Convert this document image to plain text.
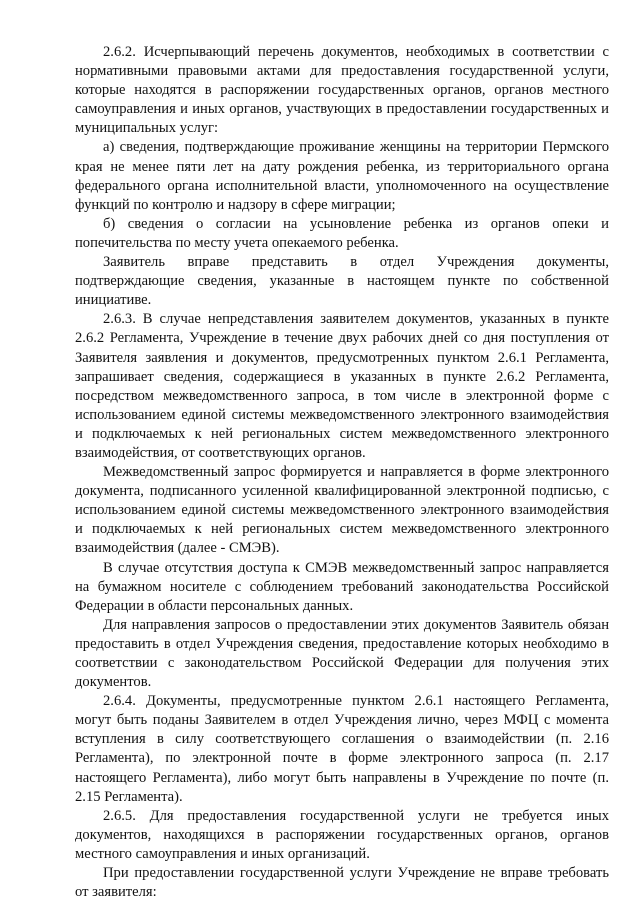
2.6.2. Исчерпывающий перечень документов, необходимых в соответствии с нормативными правовыми актами для предоставления государственной услуги, которые находятся в распоряжении государственных органов, органов местного самоуправления и иных органов, участвующих в предоставлении государственных и муниципальных услуг:

а) сведения, подтверждающие проживание женщины на территории Пермского края не менее пяти лет на дату рождения ребенка, из территориального органа федерального органа исполнительной власти, уполномоченного на осуществление функций по контролю и надзору в сфере миграции;

б) сведения о согласии на усыновление ребенка из органов опеки и попечительства по месту учета опекаемого ребенка.

Заявитель вправе представить в отдел Учреждения документы, подтверждающие сведения, указанные в настоящем пункте по собственной инициативе.

2.6.3. В случае непредставления заявителем документов, указанных в пункте 2.6.2 Регламента, Учреждение в течение двух рабочих дней со дня поступления от Заявителя заявления и документов, предусмотренных пунктом 2.6.1 Регламента, запрашивает сведения, содержащиеся в указанных в пункте 2.6.2 Регламента, посредством межведомственного запроса, в том числе в электронной форме с использованием единой системы межведомственного электронного взаимодействия и подключаемых к ней региональных систем межведомственного электронного взаимодействия, от соответствующих органов.

Межведомственный запрос формируется и направляется в форме электронного документа, подписанного усиленной квалифицированной электронной подписью, с использованием единой системы межведомственного электронного взаимодействия и подключаемых к ней региональных систем межведомственного электронного взаимодействия (далее - СМЭВ).

В случае отсутствия доступа к СМЭВ межведомственный запрос направляется на бумажном носителе с соблюдением требований законодательства Российской Федерации в области персональных данных.

Для направления запросов о предоставлении этих документов Заявитель обязан предоставить в отдел Учреждения сведения, предоставление которых необходимо в соответствии с законодательством Российской Федерации для получения этих документов.

2.6.4. Документы, предусмотренные пунктом 2.6.1 настоящего Регламента, могут быть поданы Заявителем в отдел Учреждения лично, через МФЦ с момента вступления в силу соответствующего соглашения о взаимодействии (п. 2.16 Регламента), по электронной почте в форме электронного запроса (п. 2.17 настоящего Регламента), либо могут быть направлены в Учреждение по почте (п. 2.15 Регламента).

2.6.5. Для предоставления государственной услуги не требуется иных документов, находящихся в распоряжении государственных органов, органов местного самоуправления и иных организаций.

При предоставлении государственной услуги Учреждение не вправе требовать от заявителя:
